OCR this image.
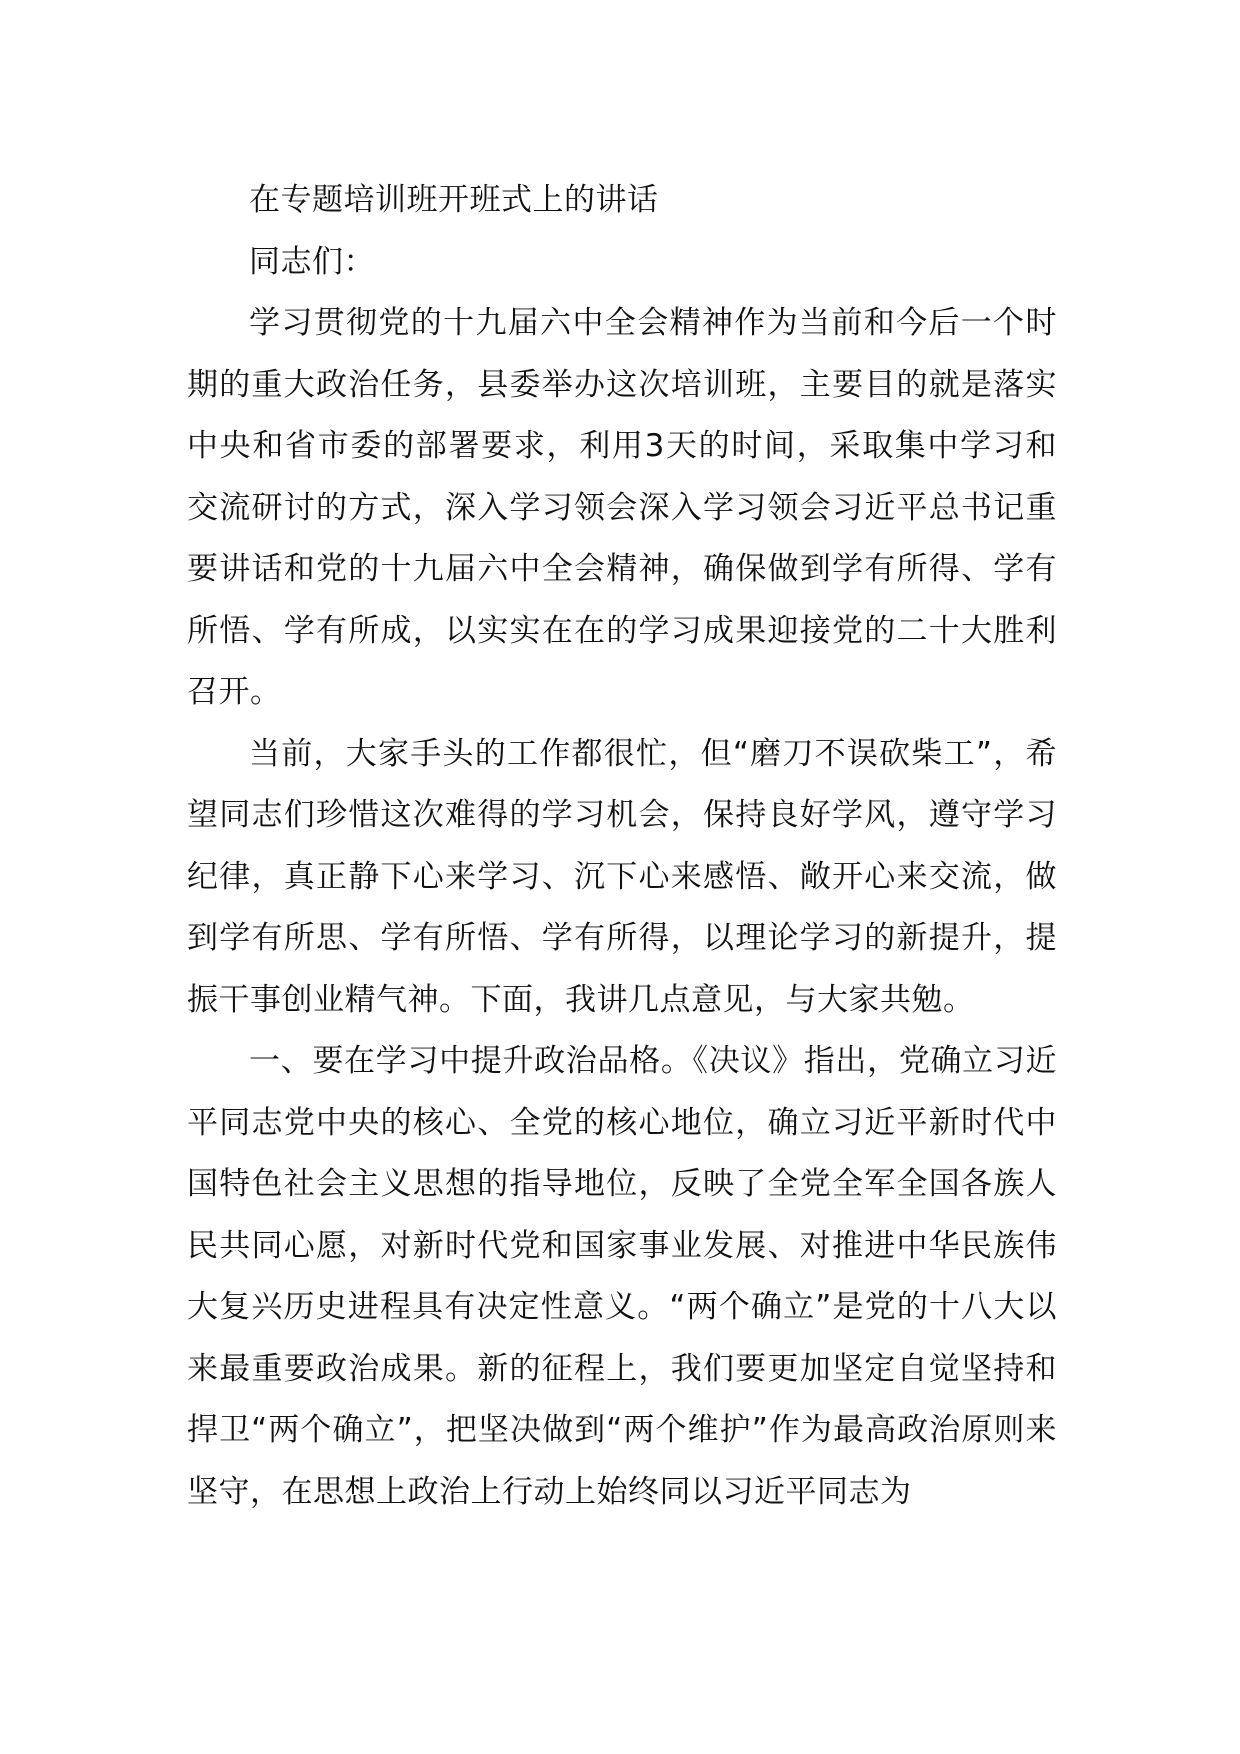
在专题培训班开班式上的讲话

同志们：

学习贯彻党的十九届六中全会精神作为当前和今后一个时期的重大政治任务，县委举办这次培训班，主要目的就是落实中央和省市委的部署要求，利用3天的时间，采取集中学习和交流研讨的方式，深入学习领会深入学习领会习近平总书记重要讲话和党的十九届六中全会精神，确保做到学有所得、学有所悟、学有所成，以实实在在的学习成果迎接党的二十大胜利召开。

当前，大家手头的工作都很忙，但“磨刀不误砍柴工”，希望同志们珍惜这次难得的学习机会，保持良好学风，遵守学习纪律，真正静下心来学习、沉下心来感悟、敞开心来交流，做到学有所思、学有所悟、学有所得，以理论学习的新提升，提振干事创业精气神。下面，我讲几点意见，与大家共勉。

一、要在学习中提升政治品格。《决议》指出，党确立习近平同志党中央的核心、全党的核心地位，确立习近平新时代中国特色社会主义思想的指导地位，反映了全党全军全国各族人民共同心愿，对新时代党和国家事业发展、对推进中华民族伟大复兴历史进程具有决定性意义。“两个确立”是党的十八大以来最重要政治成果。新的征程上，我们要更加坚定自觉坚持和捍卫“两个确立”，把坚决做到“两个维护”作为最高政治原则来坚守，在思想上政治上行动上始终同以习近平同志为
